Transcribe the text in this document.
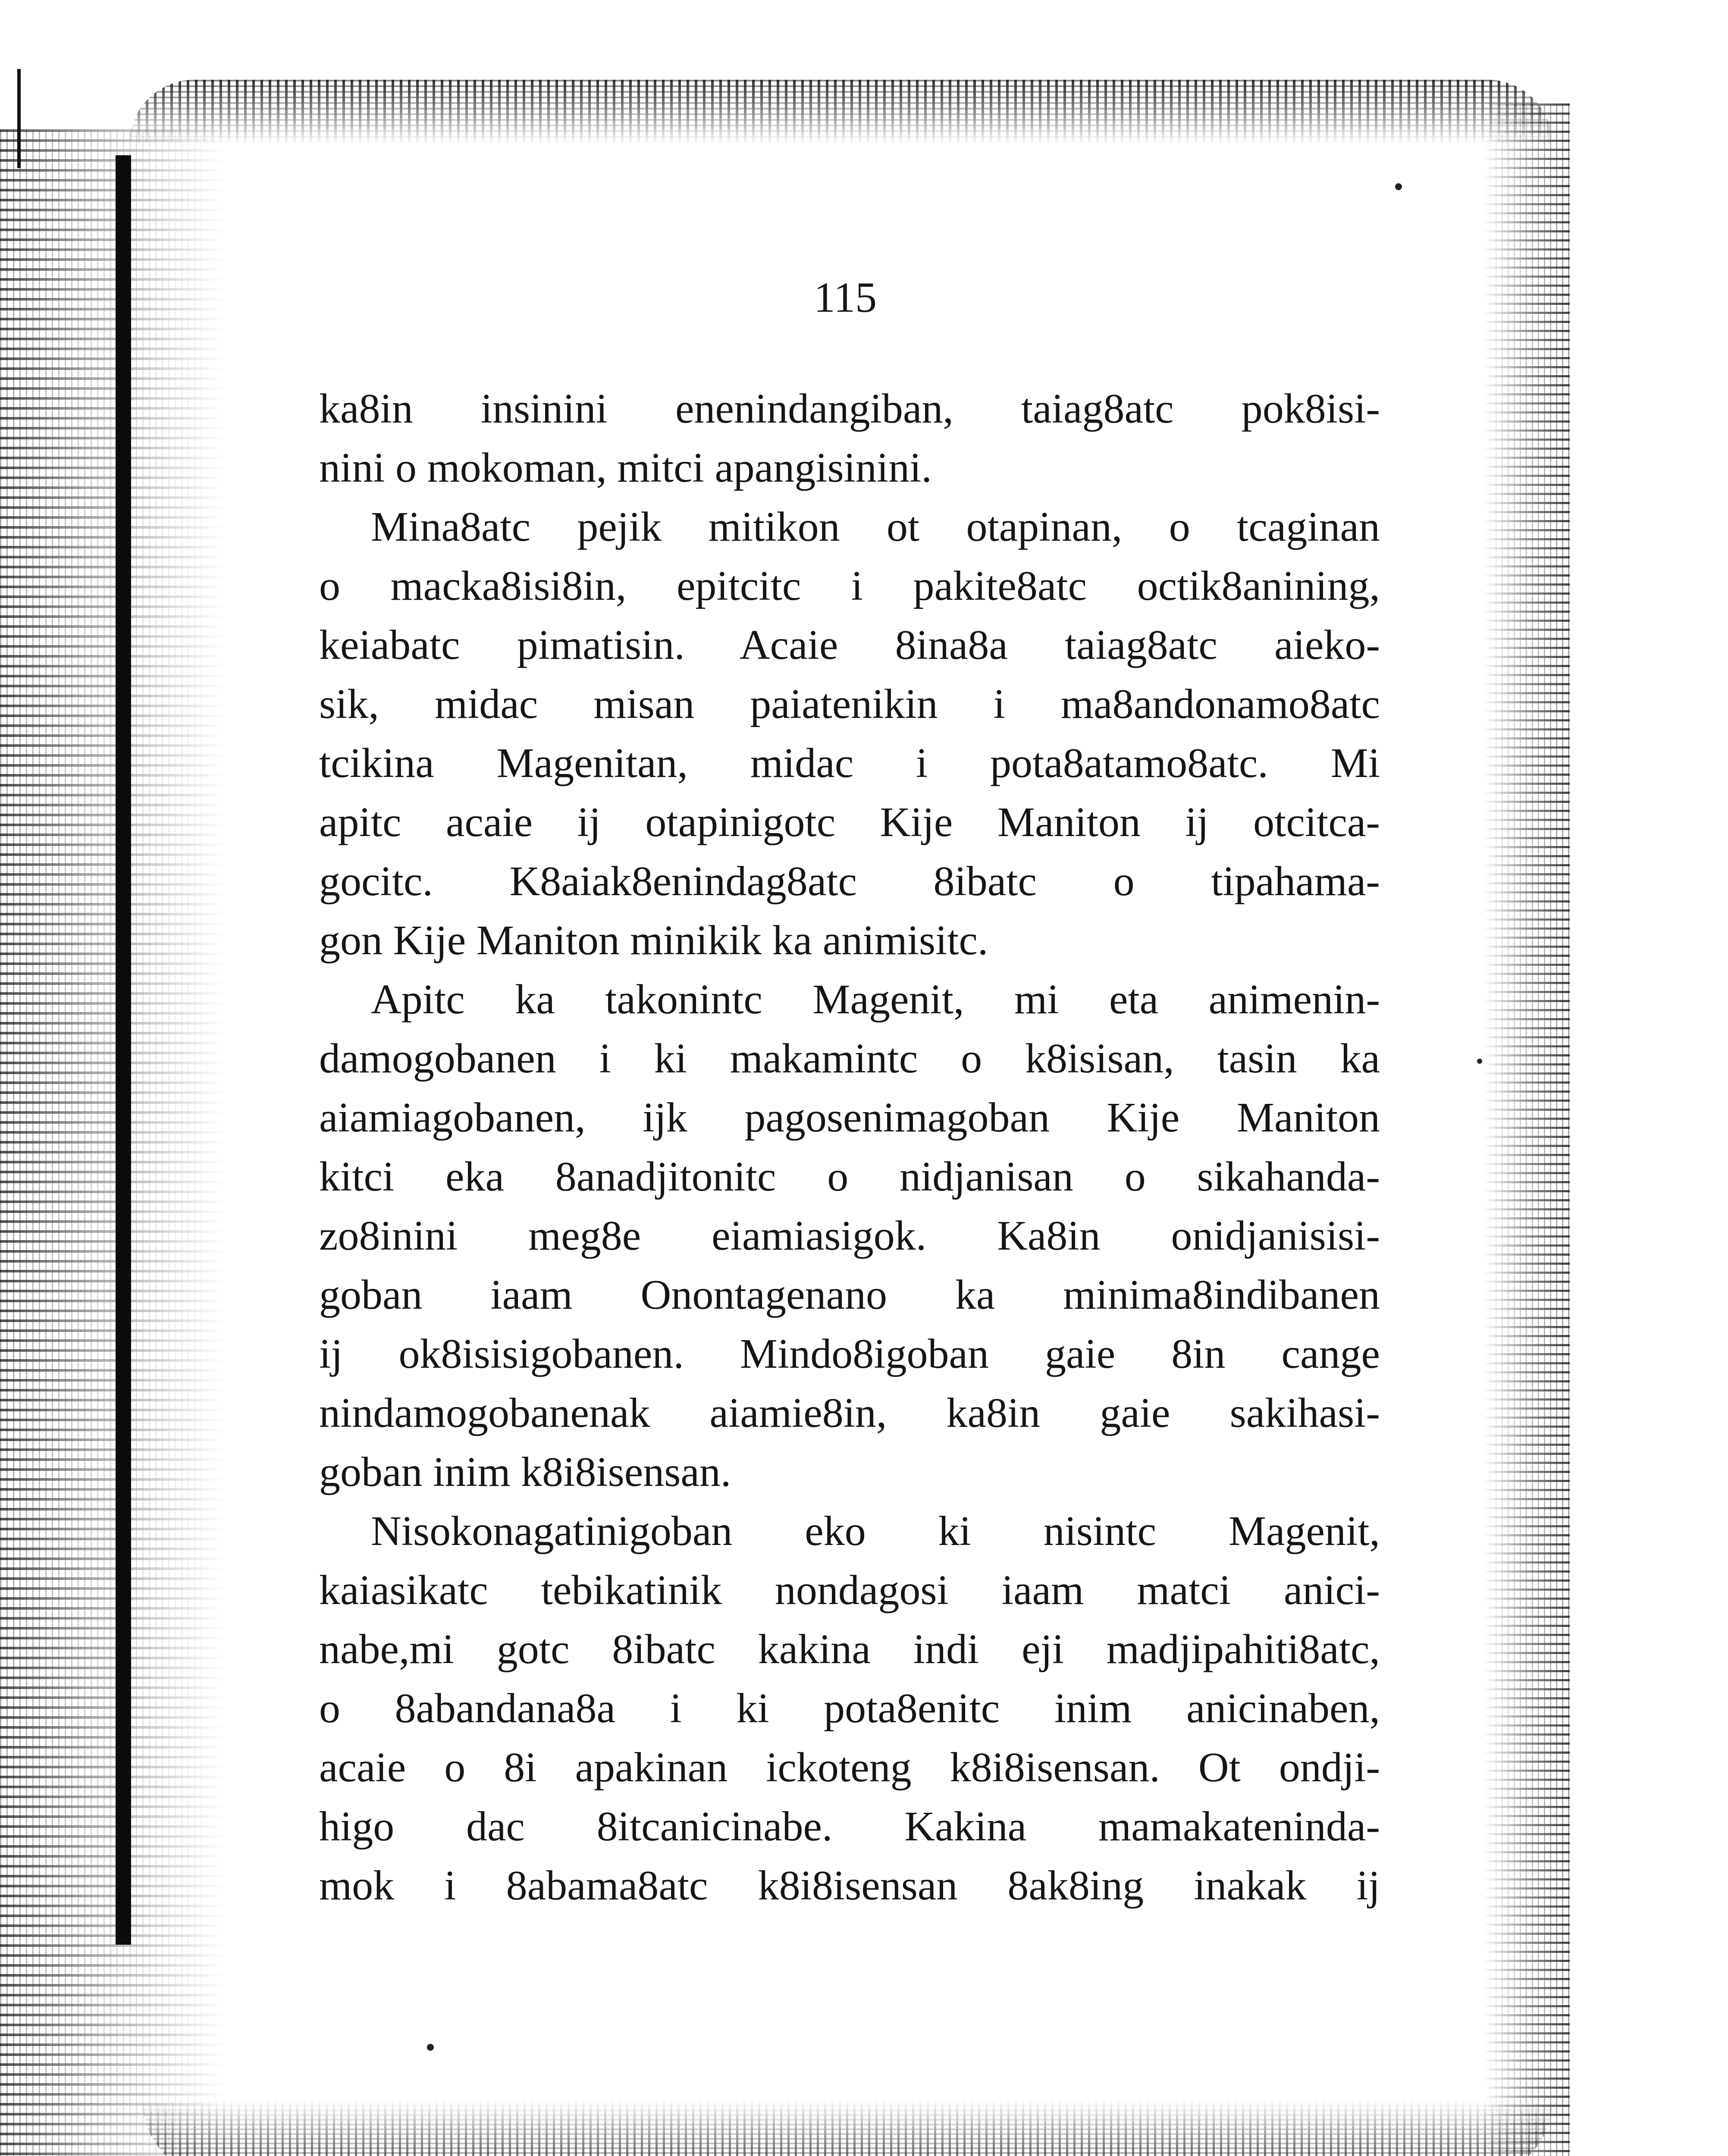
115
ka8in insinini enenindangiban, taiag8atc pok8isi-
nini o mokoman, mitci apangisinini.
Mina8atc pejik mitikon ot otapinan, o tcaginan
o macka8isi8in, epitcitc i pakite8atc octik8anining,
keiabatc pimatisin. Acaie 8ina8a taiag8atc aieko-
sik, midac misan paiatenikin i ma8andonamo8atc
tcikina Magenitan, midac i pota8atamo8atc. Mi
apitc acaie ij otapinigotc Kije Maniton ij otcitca-
gocitc. K8aiak8enindag8atc 8ibatc o tipahama-
gon Kije Maniton minikik ka animisitc.
Apitc ka takonintc Magenit, mi eta animenin-
damogobanen i ki makamintc o k8isisan, tasin ka
aiamiagobanen, ijk pagosenimagoban Kije Maniton
kitci eka 8anadjitonitc o nidjanisan o sikahanda-
zo8inini meg8e eiamiasigok. Ka8in onidjanisisi-
goban iaam Onontagenano ka minima8indibanen
ij ok8isisigobanen. Mindo8igoban gaie 8in cange
nindamogobanenak aiamie8in, ka8in gaie sakihasi-
goban inim k8i8isensan.
Nisokonagatinigoban eko ki nisintc Magenit,
kaiasikatc tebikatinik nondagosi iaam matci anici-
nabe,mi gotc 8ibatc kakina indi eji madjipahiti8atc,
o 8abandana8a i ki pota8enitc inim anicinaben,
acaie o 8i apakinan ickoteng k8i8isensan. Ot ondji-
higo dac 8itcanicinabe. Kakina mamakateninda-
mok i 8abama8atc k8i8isensan 8ak8ing inakak ij
